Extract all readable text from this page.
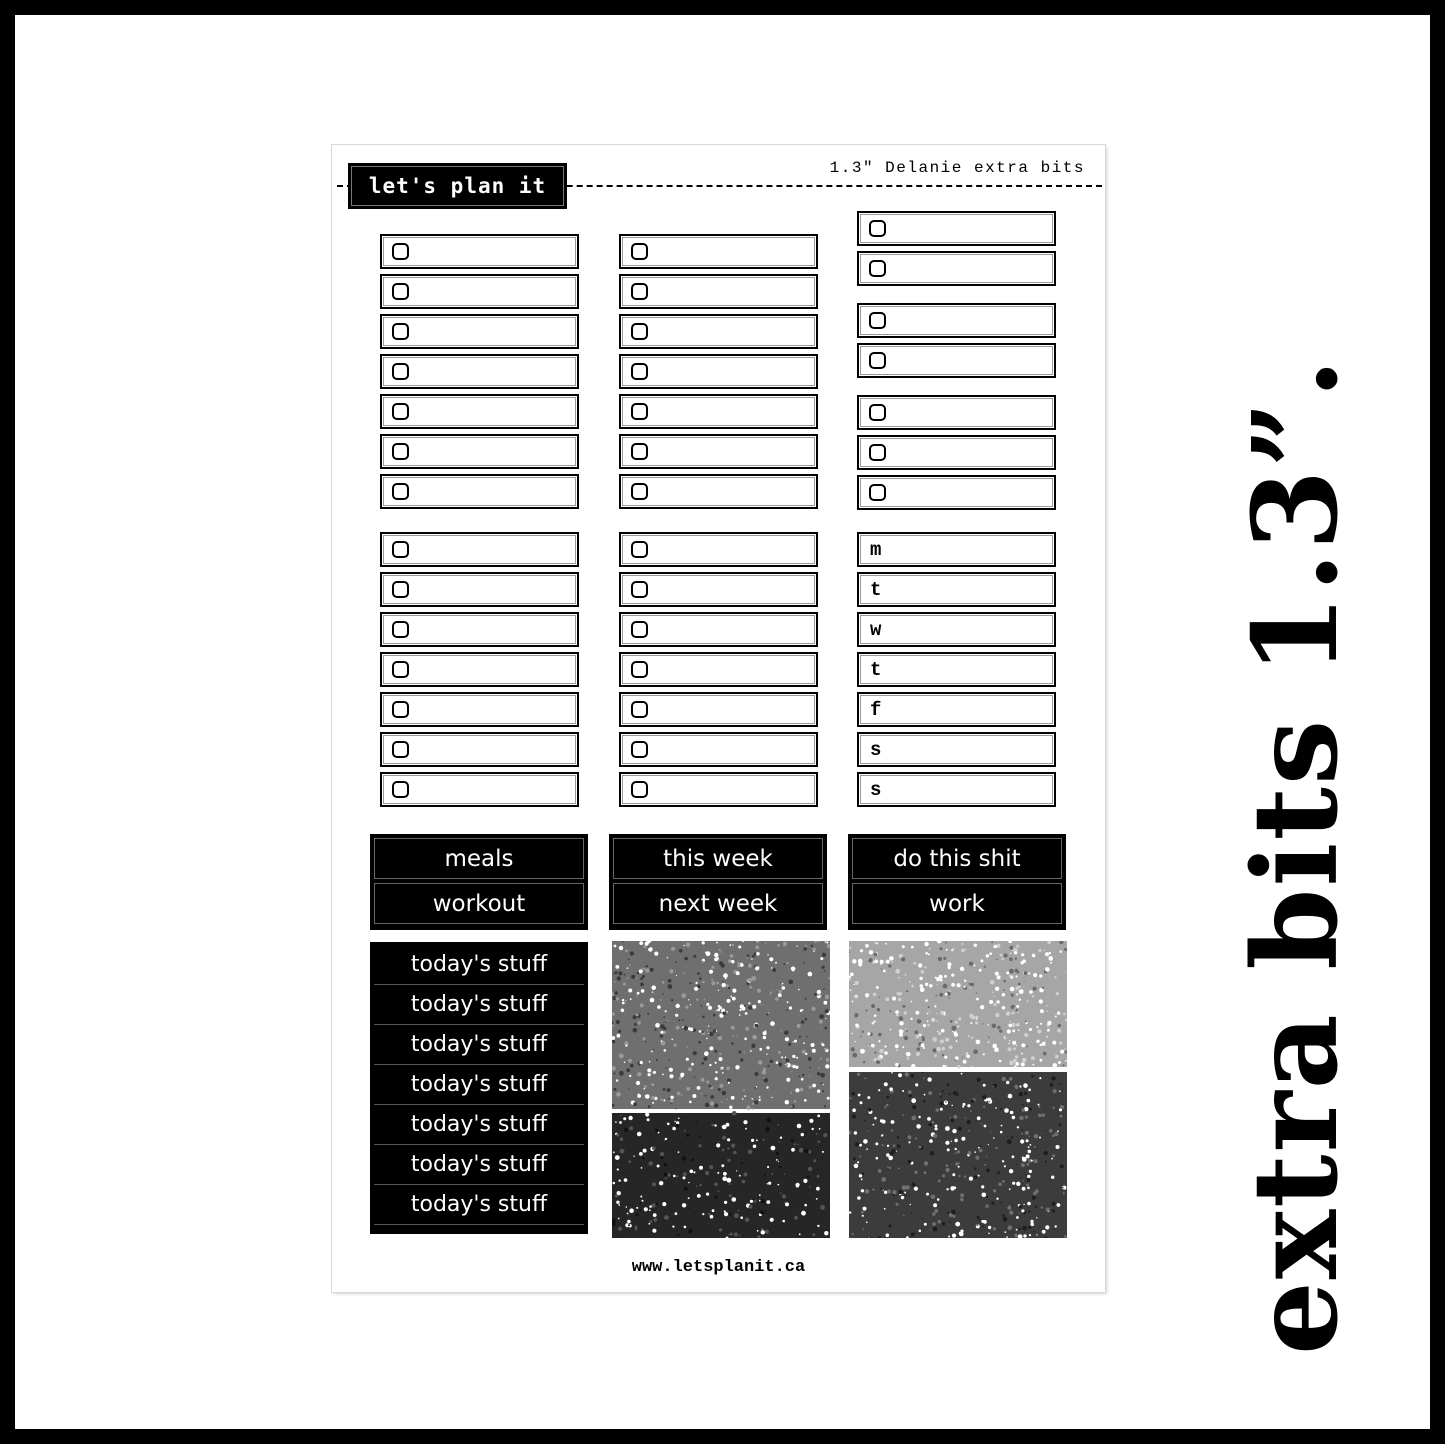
let's plan it
1.3" Delanie extra bits
m
t
w
t
f
s
s
meals
workout
this week
next week
do this shit
work
today's stuff
today's stuff
today's stuff
today's stuff
today's stuff
today's stuff
today's stuff
www.letsplanit.ca	extra bits 1.3”.
